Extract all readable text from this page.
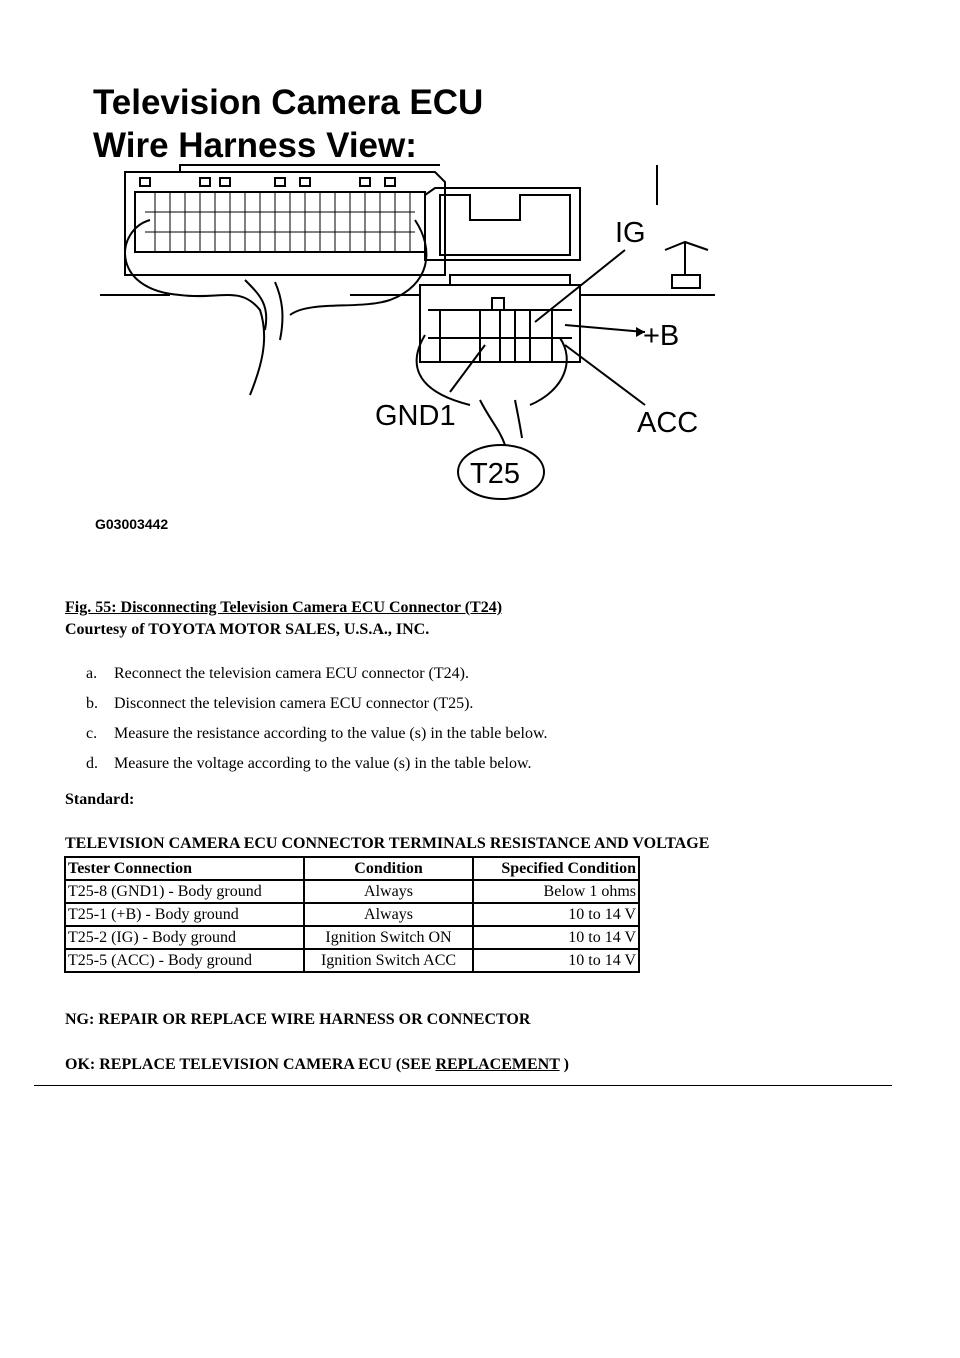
Television Camera ECU
Wire Harness View:
IG
+B
GND1	ACC
T25
G03003442
Fig. 55: Disconnecting Television Camera ECU Connector (T24)
Courtesy of TOYOTA MOTOR SALES, U.S.A., INC.
a. Reconnect the television camera ECU connector (T24).
b. Disconnect the television camera ECU connector (T25).
c. Measure the resistance according to the value (s) in the table below.
d. Measure the voltage according to the value (s) in the table below.
Standard:
TELEVISION CAMERA ECU CONNECTOR TERMINALS RESISTANCE AND VOLTAGE
Tester Connection	Condition	Specified Condition
T25-8 (GND1) - Body ground	Always	Below 1 ohms
T25-1 (+B) - Body ground	Always	10 to 14 V
T25-2 (IG) - Body ground	Ignition Switch ON	10 to 14 V
T25-5 (ACC) - Body ground	Ignition Switch ACC	10 to 14 V
NG: REPAIR OR REPLACE WIRE HARNESS OR CONNECTOR
OK: REPLACE TELEVISION CAMERA ECU (SEE REPLACEMENT )
